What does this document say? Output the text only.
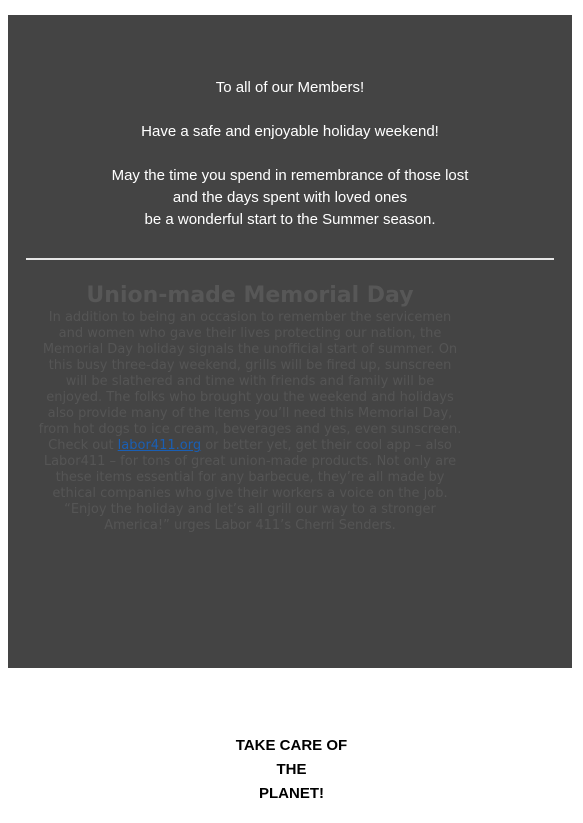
To all of our Members!
Have a safe and enjoyable holiday weekend!
May the time you spend in remembrance of those lost
and the days spent with loved ones
be a wonderful start to the Summer season.
Union-made Memorial Day

In addition to being an occasion to remember the servicemen and women who gave their lives protecting our nation, the Memorial Day holiday signals the unofficial start of summer. On this busy three-day weekend, grills will be fired up, sunscreen will be slathered and time with friends and family will be enjoyed. The folks who brought you the weekend and holidays also provide many of the items you’ll need this Memorial Day, from hot dogs to ice cream, beverages and yes, even sunscreen. Check out labor411.org or better yet, get their cool app – also Labor411 – for tons of great union-made products. Not only are these items essential for any barbecue, they’re all made by ethical companies who give their workers a voice on the job. “Enjoy the holiday and let’s all grill our way to a stronger America!” urges Labor 411’s Cherri Senders.

TAKE CARE OF
THE
PLANET!
